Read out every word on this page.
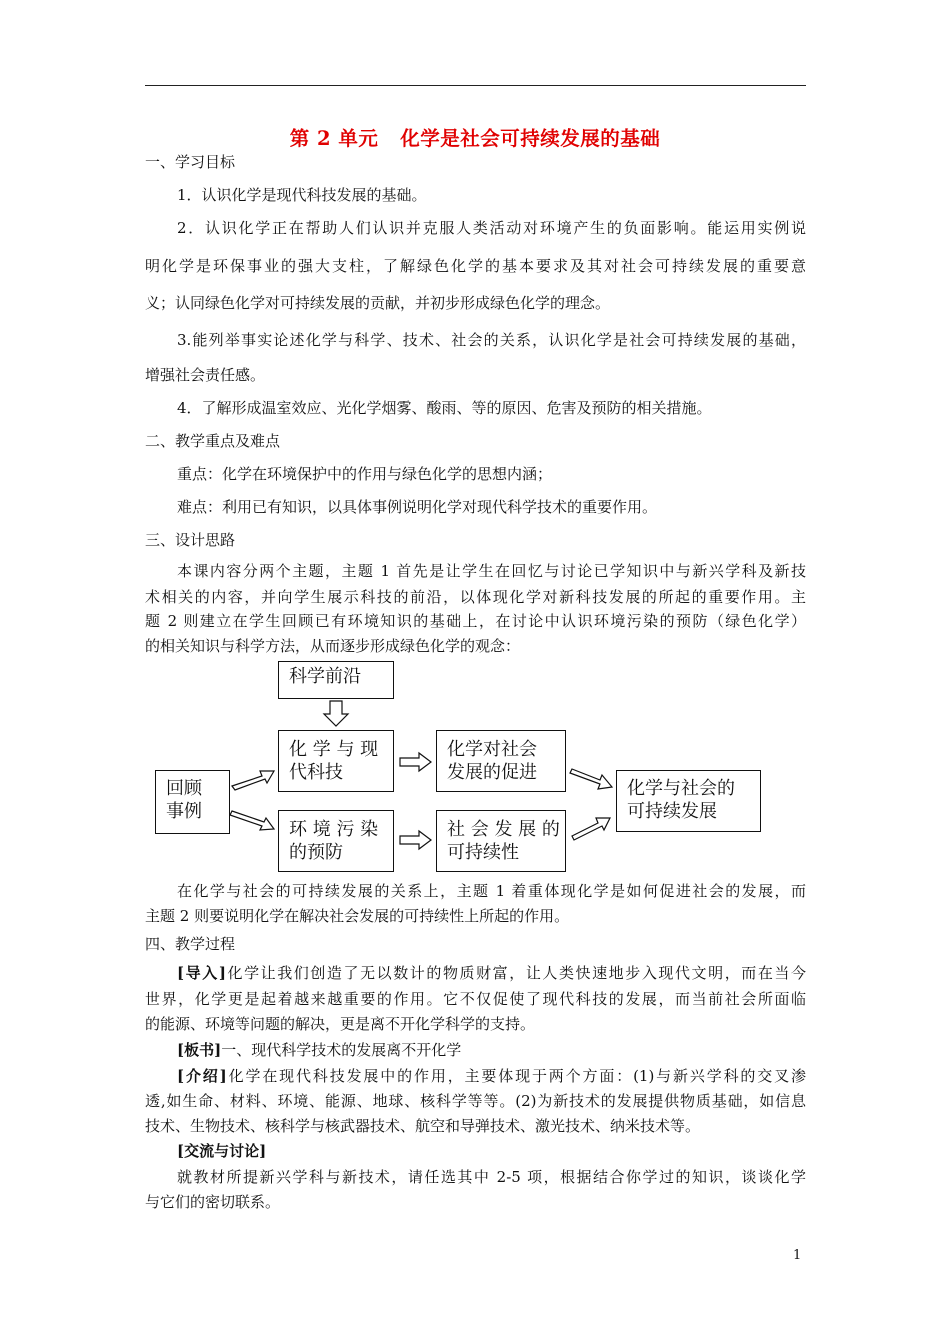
第 2 单元   化学是社会可持续发展的基础
一、学习目标
1．认识化学是现代科技发展的基础。
2．认识化学正在帮助人们认识并克服人类活动对环境产生的负面影响。能运用实例说
明化学是环保事业的强大支柱，了解绿色化学的基本要求及其对社会可持续发展的重要意
义；认同绿色化学对可持续发展的贡献，并初步形成绿色化学的理念。
3.能列举事实论述化学与科学、技术、社会的关系，认识化学是社会可持续发展的基础，
增强社会责任感。
4．了解形成温室效应、光化学烟雾、酸雨、等的原因、危害及预防的相关措施。
二、教学重点及难点
重点：化学在环境保护中的作用与绿色化学的思想内涵；
难点：利用已有知识，以具体事例说明化学对现代科学技术的重要作用。
三、设计思路
本课内容分两个主题，主题 1 首先是让学生在回忆与讨论已学知识中与新兴学科及新技
术相关的内容，并向学生展示科技的前沿，以体现化学对新科技发展的所起的重要作用。主
题 2 则建立在学生回顾已有环境知识的基础上，在讨论中认识环境污染的预防（绿色化学）
的相关知识与科学方法，从而逐步形成绿色化学的观念：
科学前沿
回顾
事例
化 学 与 现
代科技
环 境 污 染
的预防
化学对社会
发展的促进
社 会 发 展 的
可持续性
化学与社会的
可持续发展
在化学与社会的可持续发展的关系上，主题 1 着重体现化学是如何促进社会的发展，而
主题 2 则要说明化学在解决社会发展的可持续性上所起的作用。
四、教学过程
[导入]化学让我们创造了无以数计的物质财富，让人类快速地步入现代文明，而在当今
世界，化学更是起着越来越重要的作用。它不仅促使了现代科技的发展，而当前社会所面临
的能源、环境等问题的解决，更是离不开化学科学的支持。
[板书]一、现代科学技术的发展离不开化学
[介绍]化学在现代科技发展中的作用，主要体现于两个方面：(1)与新兴学科的交叉渗
透,如生命、材料、环境、能源、地球、核科学等等。(2)为新技术的发展提供物质基础，如信息
技术、生物技术、核科学与核武器技术、航空和导弹技术、激光技术、纳米技术等。
[交流与讨论]
就教材所提新兴学科与新技术，请任选其中 2-5 项，根据结合你学过的知识，谈谈化学
与它们的密切联系。
1
